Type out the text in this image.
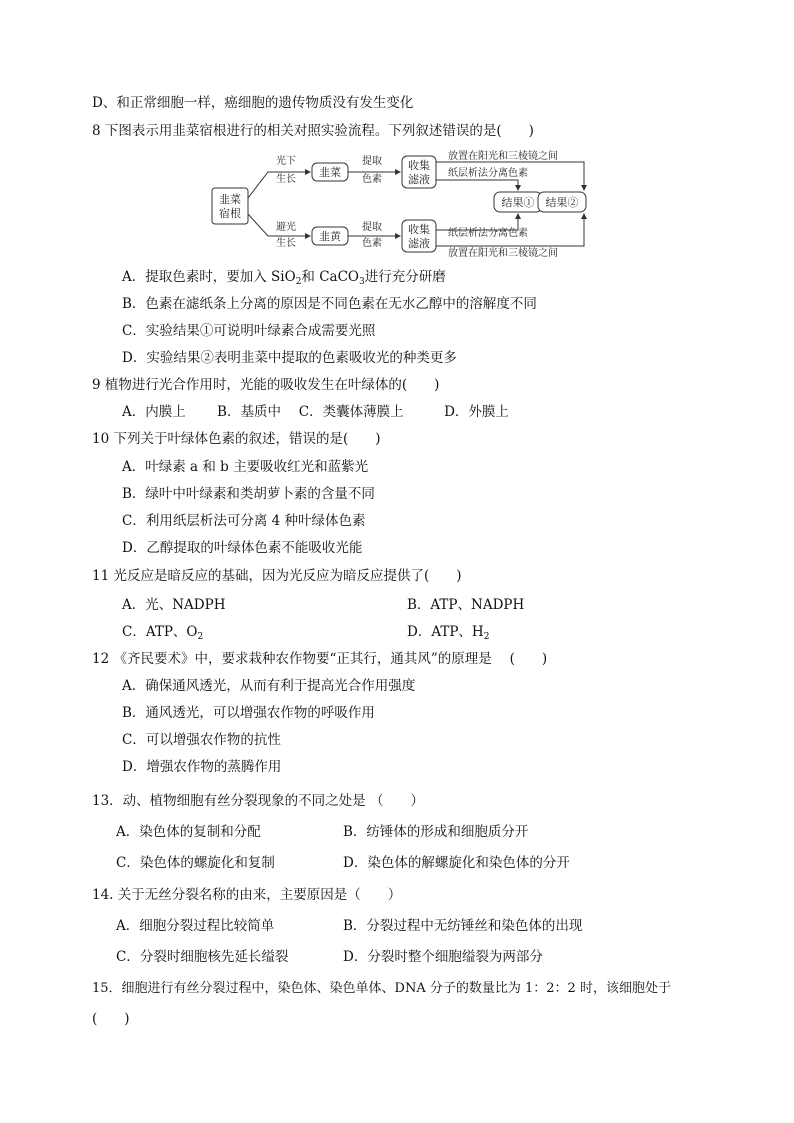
D、和正常细胞一样，癌细胞的遗传物质没有发生变化
8 下图表示用韭菜宿根进行的相关对照实验流程。下列叙述错误的是(　　)
韭菜
宿根
光下
生长
避光
生长
韭菜
韭黄
提取
色素
提取
色素
收集
滤液
收集
滤液
放置在阳光和三棱镜之间
纸层析法分离色素
纸层析法分离色素
放置在阳光和三棱镜之间
结果① 结果②
A．提取色素时，要加入 SiO$_2$和 CaCO$_3$进行充分研磨
B．色素在滤纸条上分离的原因是不同色素在无水乙醇中的溶解度不同
C．实验结果①可说明叶绿素合成需要光照
D．实验结果②表明韭菜中提取的色素吸收光的种类更多
9 植物进行光合作用时，光能的吸收发生在叶绿体的(　　)
A．内膜上　　 B．基质中　 C．类囊体薄膜上　　　D．外膜上
10 下列关于叶绿体色素的叙述，错误的是(　　)
A．叶绿素 a 和 b 主要吸收红光和蓝紫光
B．绿叶中叶绿素和类胡萝卜素的含量不同
C．利用纸层析法可分离 4 种叶绿体色素
D．乙醇提取的叶绿体色素不能吸收光能
11 光反应是暗反应的基础，因为光反应为暗反应提供了(　　)
A．光、NADPH	B．ATP、NADPH
C．ATP、$O_2$	D．ATP、$H_2$
12 《齐民要术》中，要求栽种农作物要“正其行，通其风”的原理是　 (　　)
A．确保通风透光，从而有利于提高光合作用强度
B．通风透光，可以增强农作物的呼吸作用
C．可以增强农作物的抗性
D．增强农作物的蒸腾作用
13．动、植物细胞有丝分裂现象的不同之处是 （　　）
A．染色体的复制和分配	B．纺锤体的形成和细胞质分开
C．染色体的螺旋化和复制	D．染色体的解螺旋化和染色体的分开
14. 关于无丝分裂名称的由来，主要原因是（　　）
A．细胞分裂过程比较简单	B．分裂过程中无纺锤丝和染色体的出现
C．分裂时细胞核先延长缢裂	D．分裂时整个细胞缢裂为两部分
15．细胞进行有丝分裂过程中，染色体、染色单体、DNA 分子的数量比为 1：2：2 时，该细胞处于
(　　)
